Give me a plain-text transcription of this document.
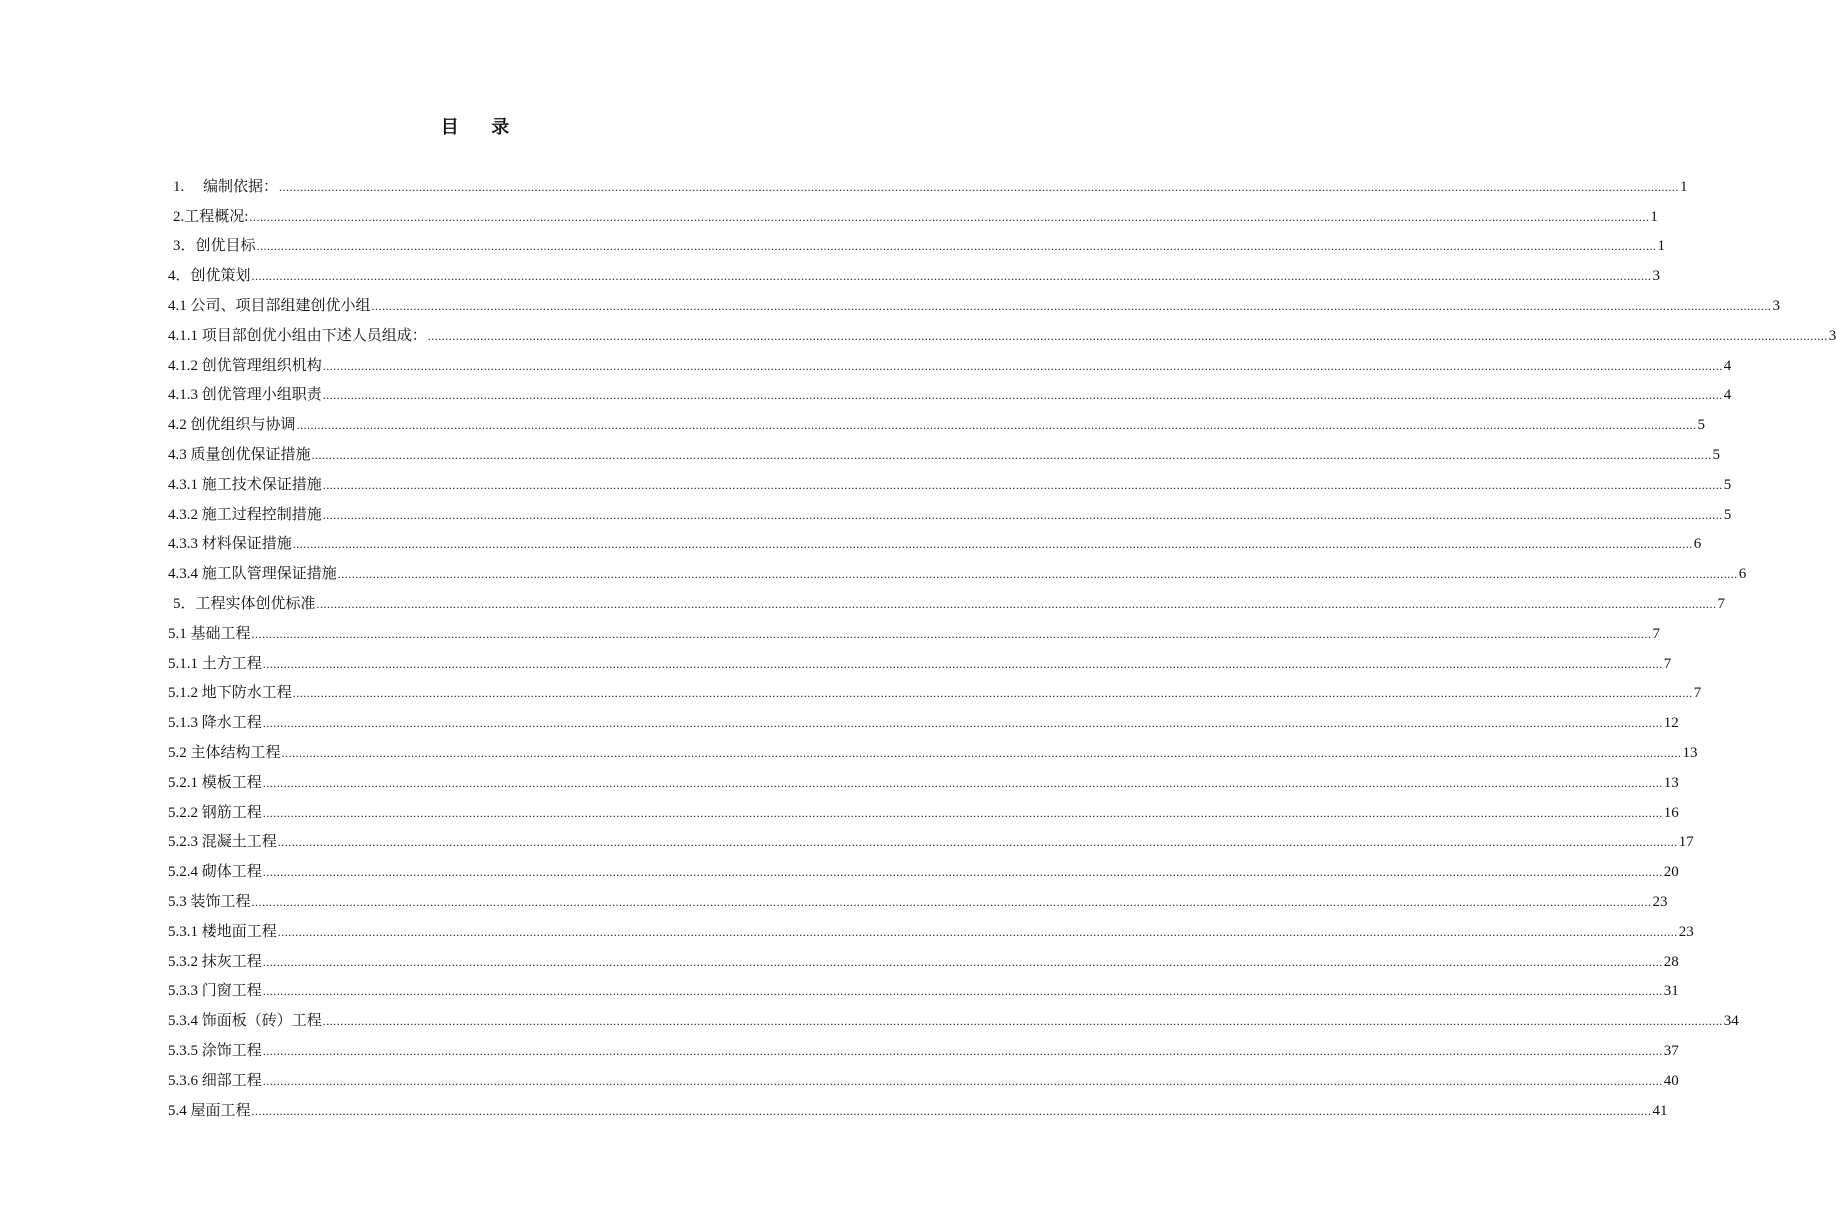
目 录
1.　 编制依据： ................................................................................................................................................................................................................................................................................................................................................................................................................ 1
2.工程概况: ................................................................................................................................................................................................................................................................................................................................................................................................................ 1
3．创优目标 ................................................................................................................................................................................................................................................................................................................................................................................................................ 1
4．创优策划 ................................................................................................................................................................................................................................................................................................................................................................................................................ 3
4.1 公司、项目部组建创优小组 ................................................................................................................................................................................................................................................................................................................................................................................................................ 3
4.1.1 项目部创优小组由下述人员组成： ................................................................................................................................................................................................................................................................................................................................................................................................................ 3
4.1.2 创优管理组织机构 ................................................................................................................................................................................................................................................................................................................................................................................................................ 4
4.1.3 创优管理小组职责 ................................................................................................................................................................................................................................................................................................................................................................................................................ 4
4.2 创优组织与协调 ................................................................................................................................................................................................................................................................................................................................................................................................................ 5
4.3 质量创优保证措施 ................................................................................................................................................................................................................................................................................................................................................................................................................ 5
4.3.1 施工技术保证措施 ................................................................................................................................................................................................................................................................................................................................................................................................................ 5
4.3.2 施工过程控制措施 ................................................................................................................................................................................................................................................................................................................................................................................................................ 5
4.3.3 材料保证措施 ................................................................................................................................................................................................................................................................................................................................................................................................................ 6
4.3.4 施工队管理保证措施 ................................................................................................................................................................................................................................................................................................................................................................................................................ 6
5．工程实体创优标准 ................................................................................................................................................................................................................................................................................................................................................................................................................ 7
5.1 基础工程 ................................................................................................................................................................................................................................................................................................................................................................................................................ 7
5.1.1 土方工程 ................................................................................................................................................................................................................................................................................................................................................................................................................ 7
5.1.2 地下防水工程 ................................................................................................................................................................................................................................................................................................................................................................................................................ 7
5.1.3 降水工程 ................................................................................................................................................................................................................................................................................................................................................................................................................ 12
5.2 主体结构工程 ................................................................................................................................................................................................................................................................................................................................................................................................................ 13
5.2.1 模板工程 ................................................................................................................................................................................................................................................................................................................................................................................................................ 13
5.2.2 钢筋工程 ................................................................................................................................................................................................................................................................................................................................................................................................................ 16
5.2.3 混凝土工程 ................................................................................................................................................................................................................................................................................................................................................................................................................ 17
5.2.4 砌体工程 ................................................................................................................................................................................................................................................................................................................................................................................................................ 20
5.3 装饰工程 ................................................................................................................................................................................................................................................................................................................................................................................................................ 23
5.3.1 楼地面工程 ................................................................................................................................................................................................................................................................................................................................................................................................................ 23
5.3.2 抹灰工程 ................................................................................................................................................................................................................................................................................................................................................................................................................ 28
5.3.3 门窗工程 ................................................................................................................................................................................................................................................................................................................................................................................................................ 31
5.3.4 饰面板（砖）工程 ................................................................................................................................................................................................................................................................................................................................................................................................................ 34
5.3.5 涂饰工程 ................................................................................................................................................................................................................................................................................................................................................................................................................ 37
5.3.6 细部工程 ................................................................................................................................................................................................................................................................................................................................................................................................................ 40
5.4 屋面工程 ................................................................................................................................................................................................................................................................................................................................................................................................................ 41
